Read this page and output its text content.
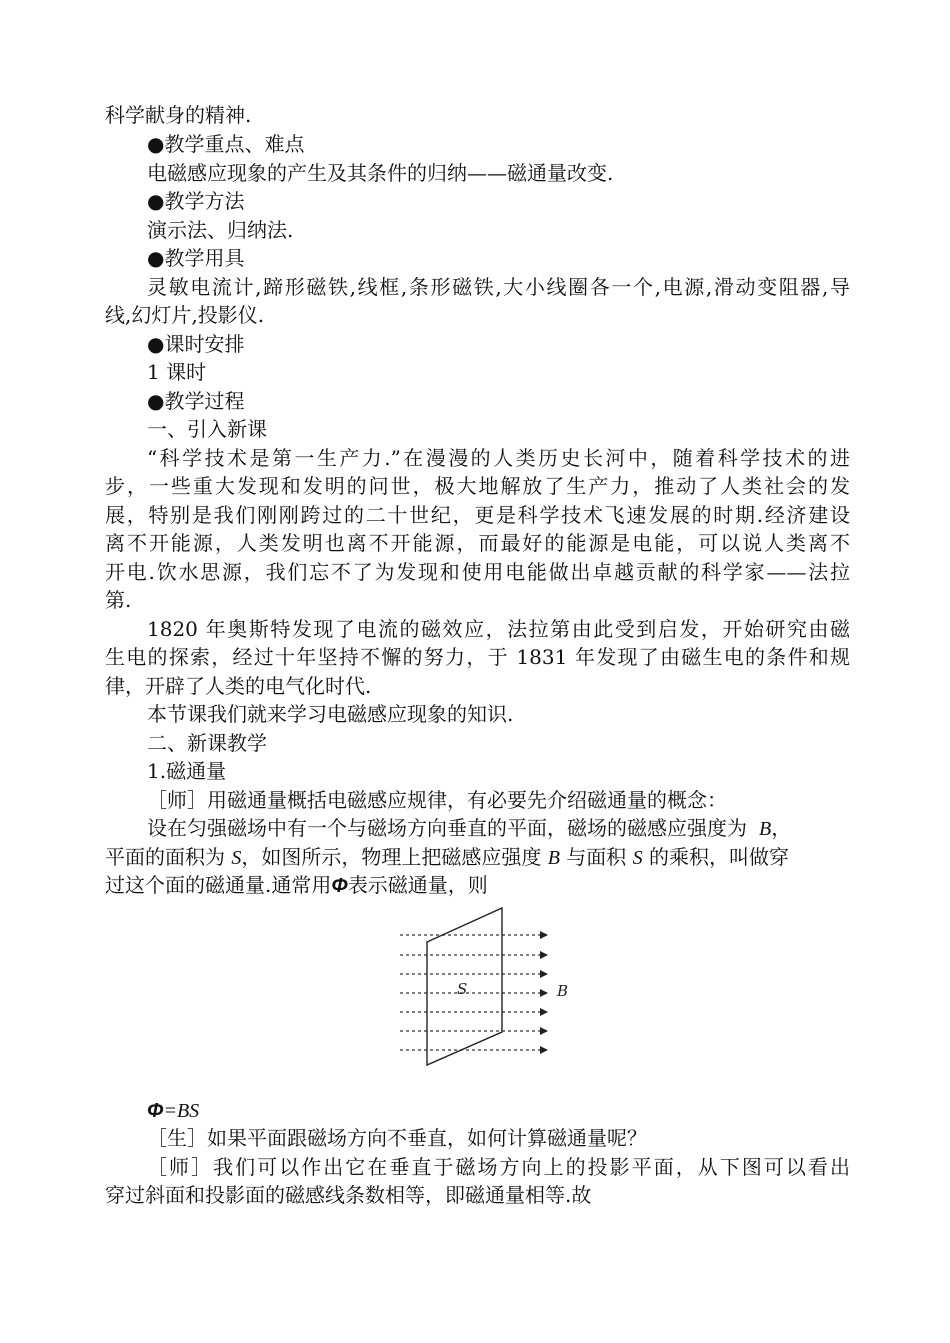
科学献身的精神.
●教学重点、难点
电磁感应现象的产生及其条件的归纳——磁通量改变.
●教学方法
演示法、归纳法.
●教学用具
灵敏电流计,蹄形磁铁,线框,条形磁铁,大小线圈各一个,电源,滑动变阻器,导
线,幻灯片,投影仪.
●课时安排
1 课时
●教学过程
一、引入新课
“科学技术是第一生产力.”在漫漫的人类历史长河中，随着科学技术的进
步，一些重大发现和发明的问世，极大地解放了生产力，推动了人类社会的发
展，特别是我们刚刚跨过的二十世纪，更是科学技术飞速发展的时期.经济建设
离不开能源，人类发明也离不开能源，而最好的能源是电能，可以说人类离不
开电.饮水思源，我们忘不了为发现和使用电能做出卓越贡献的科学家——法拉
第.
1820 年奥斯特发现了电流的磁效应，法拉第由此受到启发，开始研究由磁
生电的探索，经过十年坚持不懈的努力，于 1831 年发现了由磁生电的条件和规
律，开辟了人类的电气化时代.
本节课我们就来学习电磁感应现象的知识.
二、新课教学
1.磁通量
［师］用磁通量概括电磁感应规律，有必要先介绍磁通量的概念：
设在匀强磁场中有一个与磁场方向垂直的平面，磁场的磁感应强度为 B，
平面的面积为 S，如图所示，物理上把磁感应强度 B 与面积 S 的乘积，叫做穿
过这个面的磁通量.通常用Φ表示磁通量，则
S	B
Φ=BS
［生］如果平面跟磁场方向不垂直，如何计算磁通量呢？
［师］我们可以作出它在垂直于磁场方向上的投影平面，从下图可以看出
穿过斜面和投影面的磁感线条数相等，即磁通量相等.故
